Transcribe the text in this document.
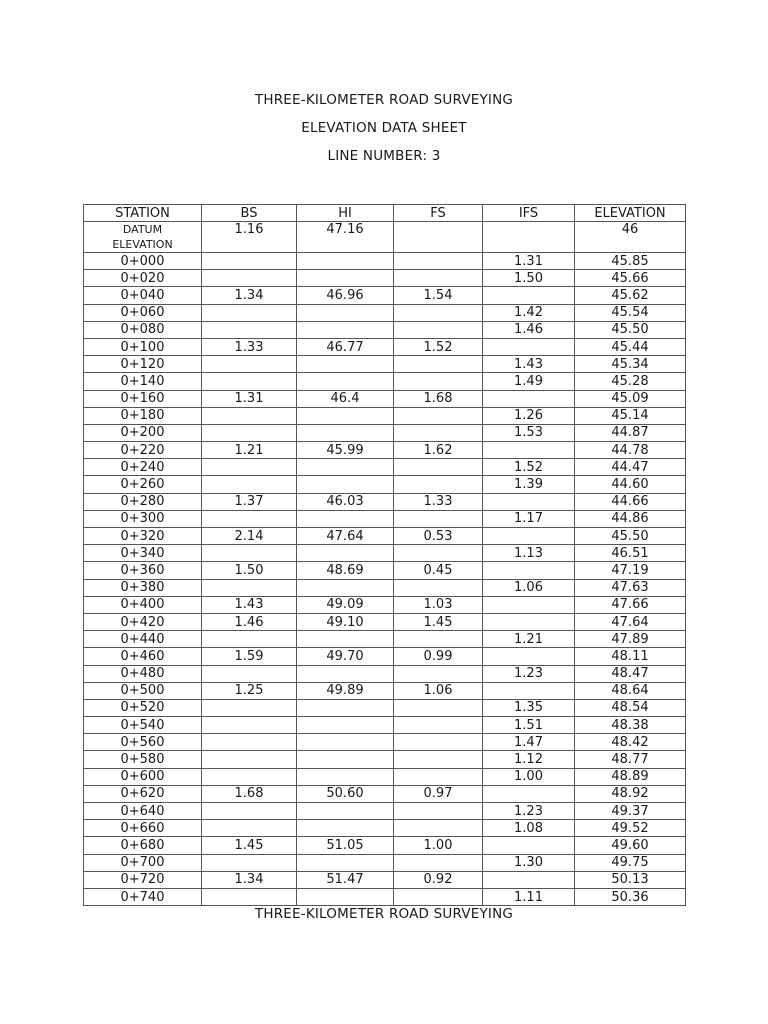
THREE-KILOMETER ROAD SURVEYING
ELEVATION DATA SHEET
LINE NUMBER: 3
STATION	BS	HI	FS	IFS	ELEVATION

DATUM
ELEVATION	1.16	47.16			46
0+000				1.31	45.85
0+020				1.50	45.66
0+040	1.34	46.96	1.54		45.62
0+060				1.42	45.54
0+080				1.46	45.50
0+100	1.33	46.77	1.52		45.44
0+120				1.43	45.34
0+140				1.49	45.28
0+160	1.31	46.4	1.68		45.09
0+180				1.26	45.14
0+200				1.53	44.87
0+220	1.21	45.99	1.62		44.78
0+240				1.52	44.47
0+260				1.39	44.60
0+280	1.37	46.03	1.33		44.66
0+300				1.17	44.86
0+320	2.14	47.64	0.53		45.50
0+340				1.13	46.51
0+360	1.50	48.69	0.45		47.19
0+380				1.06	47.63
0+400	1.43	49.09	1.03		47.66
0+420	1.46	49.10	1.45		47.64
0+440				1.21	47.89
0+460	1.59	49.70	0.99		48.11
0+480				1.23	48.47
0+500	1.25	49.89	1.06		48.64
0+520				1.35	48.54
0+540				1.51	48.38
0+560				1.47	48.42
0+580				1.12	48.77
0+600				1.00	48.89
0+620	1.68	50.60	0.97		48.92
0+640				1.23	49.37
0+660				1.08	49.52
0+680	1.45	51.05	1.00		49.60
0+700				1.30	49.75
0+720	1.34	51.47	0.92		50.13
0+740				1.11	50.36
THREE-KILOMETER ROAD SURVEYING
